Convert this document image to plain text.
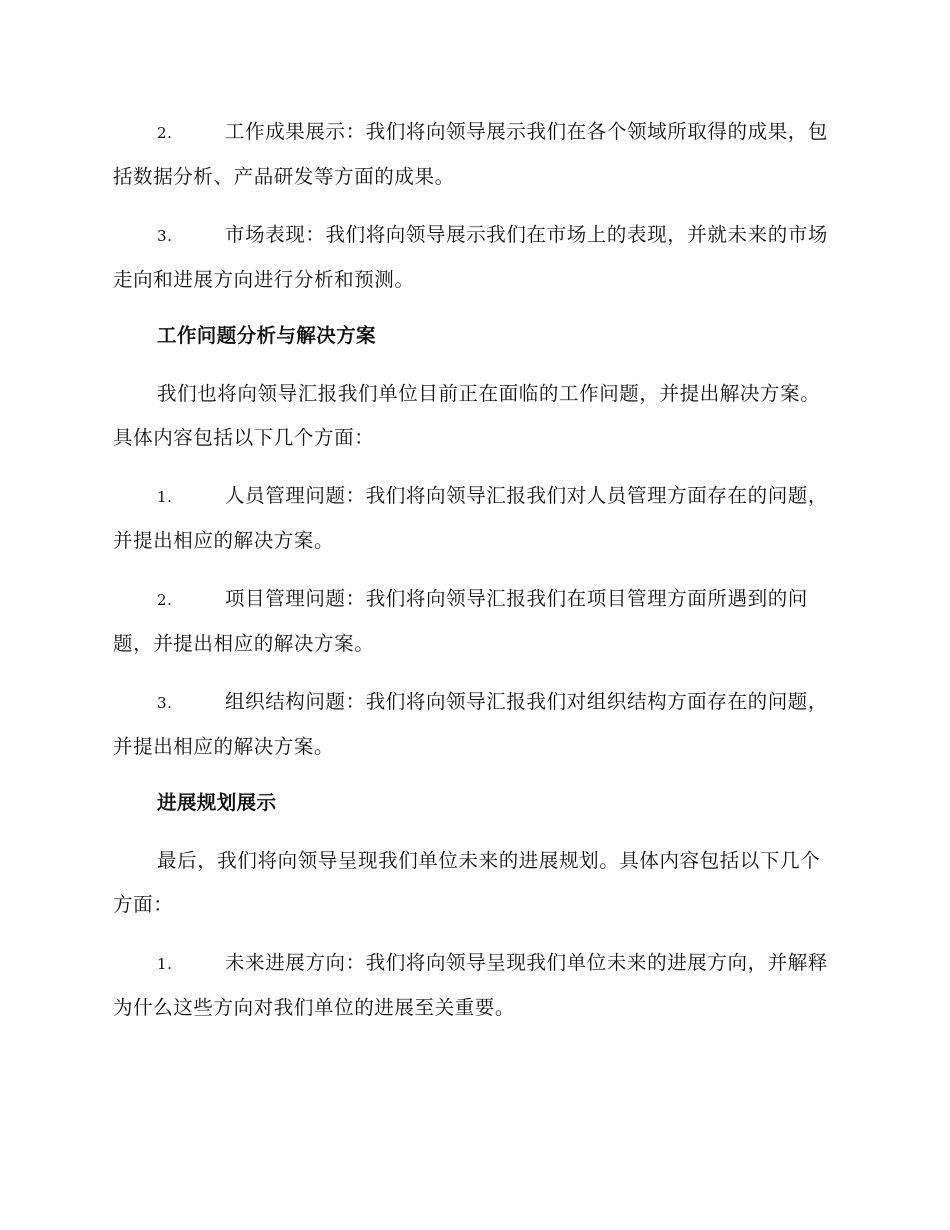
2.	工作成果展示：我们将向领导展示我们在各个领域所取得的成果，包括数据分析、产品研发等方面的成果。
3.	市场表现：我们将向领导展示我们在市场上的表现，并就未来的市场走向和进展方向进行分析和预测。
工作问题分析与解决方案
我们也将向领导汇报我们单位目前正在面临的工作问题，并提出解决方案。具体内容包括以下几个方面：
1.	人员管理问题：我们将向领导汇报我们对人员管理方面存在的问题，并提出相应的解决方案。
2.	项目管理问题：我们将向领导汇报我们在项目管理方面所遇到的问题，并提出相应的解决方案。
3.	组织结构问题：我们将向领导汇报我们对组织结构方面存在的问题，并提出相应的解决方案。
进展规划展示
最后，我们将向领导呈现我们单位未来的进展规划。具体内容包括以下几个方面：
1.	未来进展方向：我们将向领导呈现我们单位未来的进展方向，并解释为什么这些方向对我们单位的进展至关重要。
